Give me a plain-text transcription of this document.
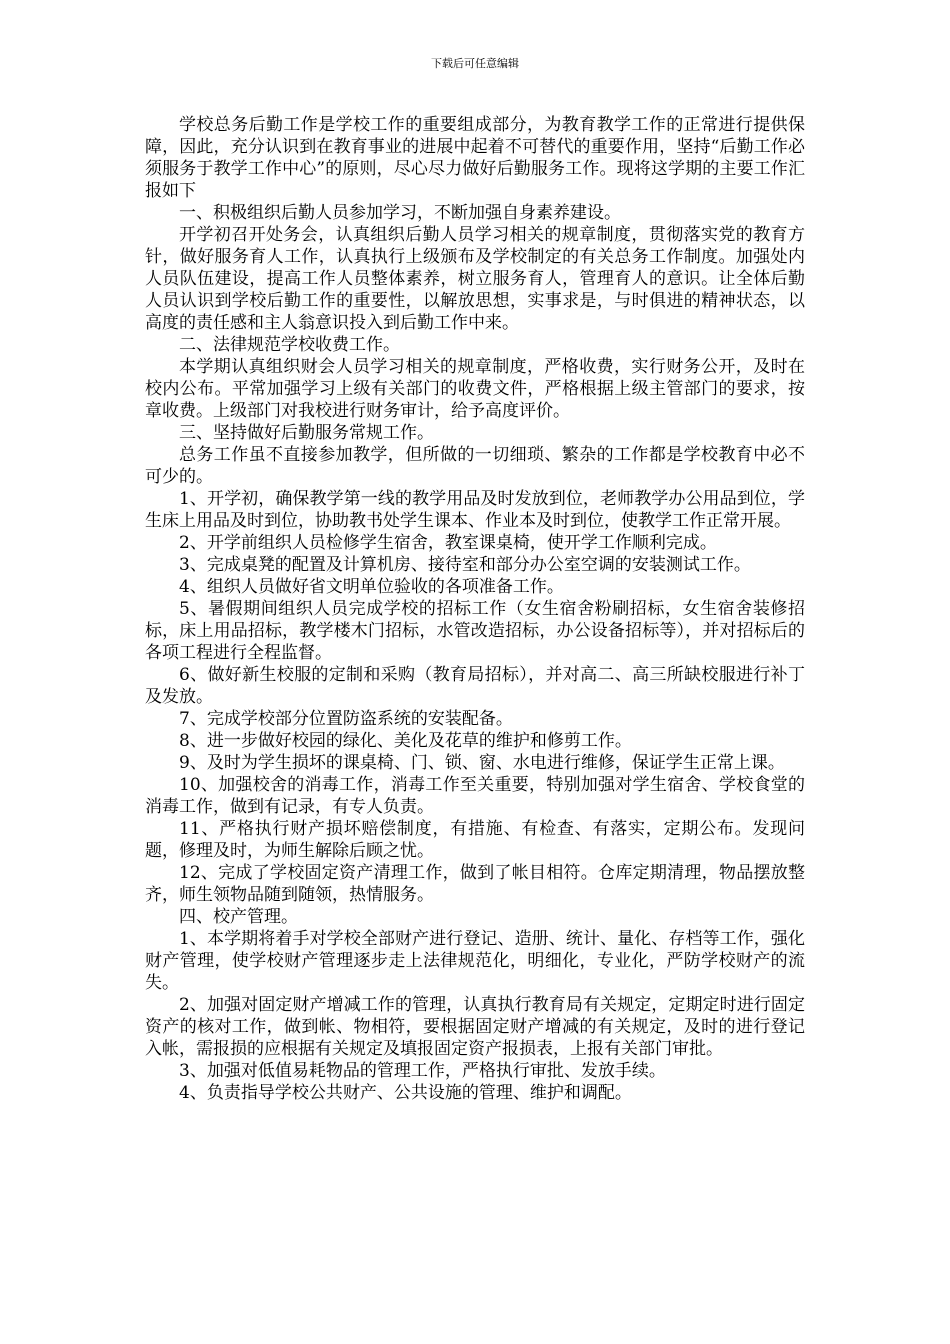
下载后可任意编辑

学校总务后勤工作是学校工作的重要组成部分，为教育教学工作的正常进行提供保障，因此，充分认识到在教育事业的进展中起着不可替代的重要作用，坚持“后勤工作必须服务于教学工作中心”的原则，尽心尽力做好后勤服务工作。现将这学期的主要工作汇报如下

一、积极组织后勤人员参加学习，不断加强自身素养建设。

开学初召开处务会，认真组织后勤人员学习相关的规章制度，贯彻落实党的教育方针，做好服务育人工作，认真执行上级颁布及学校制定的有关总务工作制度。加强处内人员队伍建设，提高工作人员整体素养，树立服务育人，管理育人的意识。让全体后勤人员认识到学校后勤工作的重要性，以解放思想，实事求是，与时俱进的精神状态，以高度的责任感和主人翁意识投入到后勤工作中来。

二、法律规范学校收费工作。

本学期认真组织财会人员学习相关的规章制度，严格收费，实行财务公开，及时在校内公布。平常加强学习上级有关部门的收费文件，严格根据上级主管部门的要求，按章收费。上级部门对我校进行财务审计，给予高度评价。

三、坚持做好后勤服务常规工作。

总务工作虽不直接参加教学，但所做的一切细琐、繁杂的工作都是学校教育中必不可少的。

1、开学初，确保教学第一线的教学用品及时发放到位，老师教学办公用品到位，学生床上用品及时到位，协助教书处学生课本、作业本及时到位，使教学工作正常开展。

2、开学前组织人员检修学生宿舍，教室课桌椅，使开学工作顺利完成。

3、完成桌凳的配置及计算机房、接待室和部分办公室空调的安装测试工作。

4、组织人员做好省文明单位验收的各项准备工作。

5、暑假期间组织人员完成学校的招标工作（女生宿舍粉刷招标，女生宿舍装修招标，床上用品招标，教学楼木门招标，水管改造招标，办公设备招标等），并对招标后的各项工程进行全程监督。

6、做好新生校服的定制和采购（教育局招标），并对高二、高三所缺校服进行补丁及发放。

7、完成学校部分位置防盗系统的安装配备。

8、进一步做好校园的绿化、美化及花草的维护和修剪工作。

9、及时为学生损坏的课桌椅、门、锁、窗、水电进行维修，保证学生正常上课。

10、加强校舍的消毒工作，消毒工作至关重要，特别加强对学生宿舍、学校食堂的消毒工作，做到有记录，有专人负责。

11、严格执行财产损坏赔偿制度，有措施、有检查、有落实，定期公布。发现问题，修理及时，为师生解除后顾之忧。

12、完成了学校固定资产清理工作，做到了帐目相符。仓库定期清理，物品摆放整齐，师生领物品随到随领，热情服务。

四、校产管理。

1、本学期将着手对学校全部财产进行登记、造册、统计、量化、存档等工作，强化财产管理，使学校财产管理逐步走上法律规范化，明细化，专业化，严防学校财产的流失。

2、加强对固定财产增减工作的管理，认真执行教育局有关规定，定期定时进行固定资产的核对工作，做到帐、物相符，要根据固定财产增减的有关规定，及时的进行登记入帐，需报损的应根据有关规定及填报固定资产报损表，上报有关部门审批。

3、加强对低值易耗物品的管理工作，严格执行审批、发放手续。

4、负责指导学校公共财产、公共设施的管理、维护和调配。
